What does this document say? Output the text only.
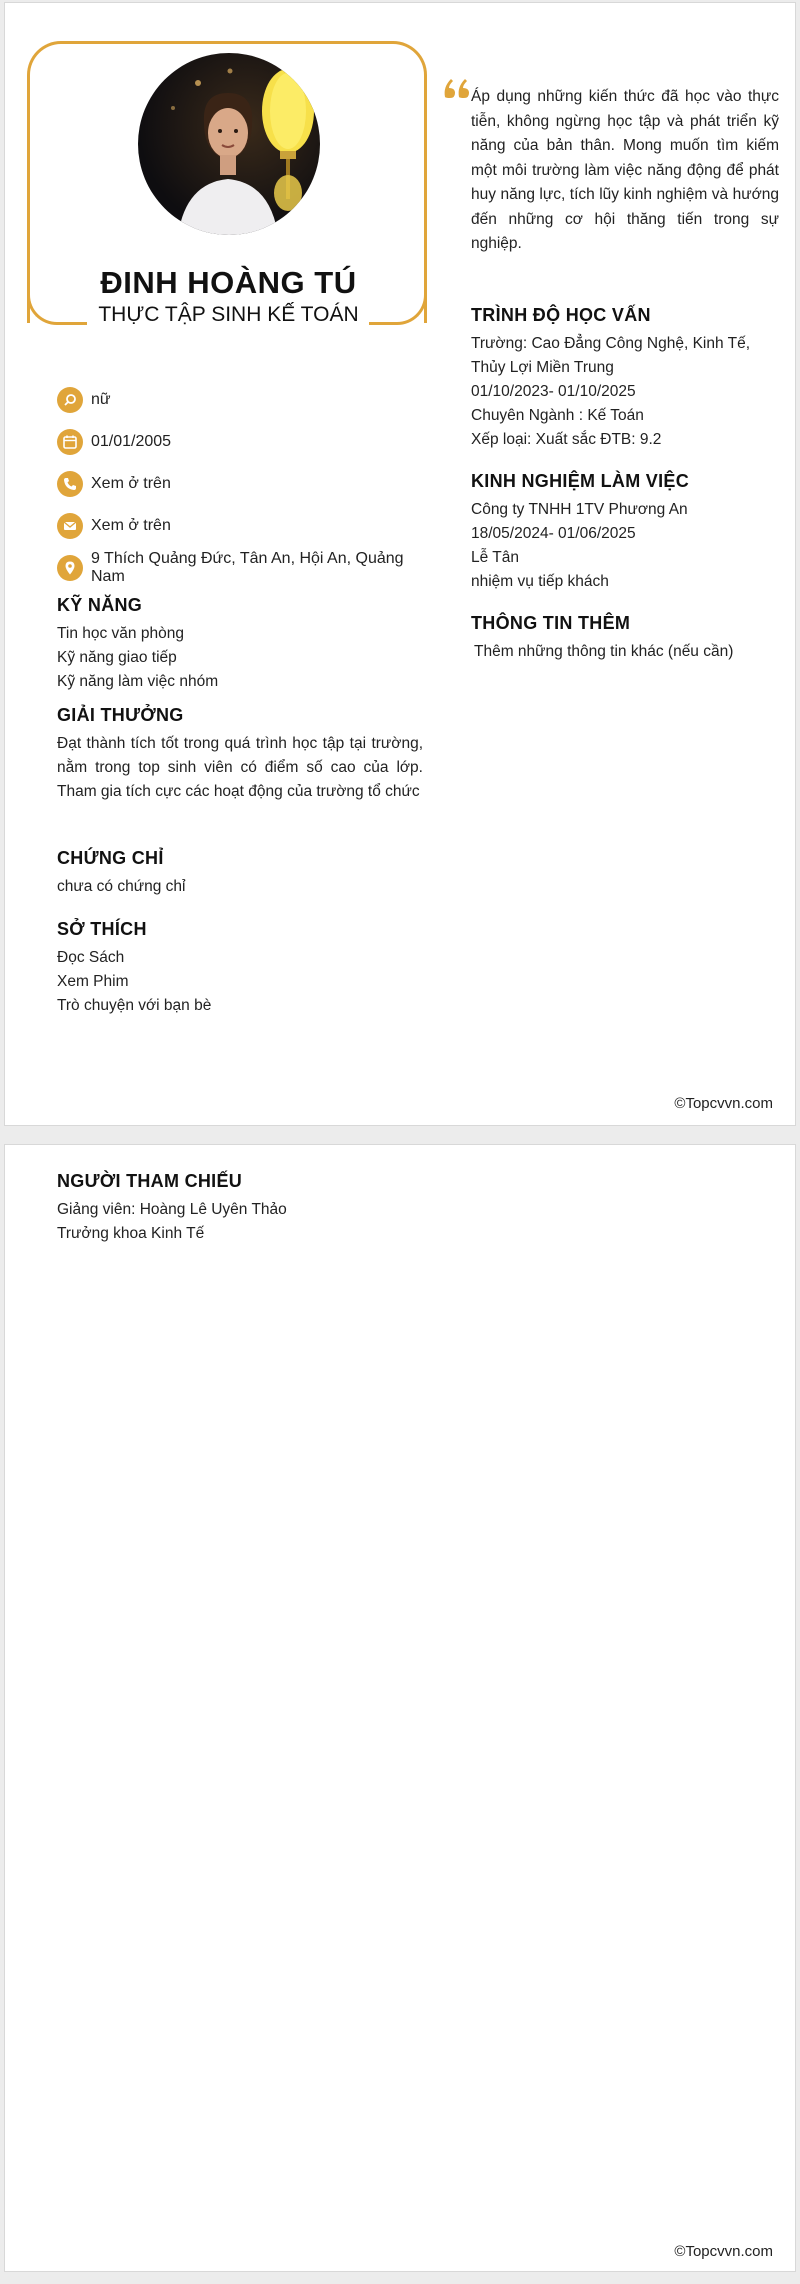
ĐINH HOÀNG TÚ
THỰC TẬP SINH KẾ TOÁN
nữ
01/01/2005
Xem ở trên
Xem ở trên
9 Thích Quảng Đức, Tân An, Hội An, Quảng Nam
KỸ NĂNG
Tin học văn phòng
Kỹ năng giao tiếp
Kỹ năng làm việc nhóm
GIẢI THƯỞNG
Đạt thành tích tốt trong quá trình học tập tại trường, nằm trong top sinh viên có điểm số cao của lớp. Tham gia tích cực các hoạt động của trường tổ chức
CHỨNG CHỈ
chưa có chứng chỉ
SỞ THÍCH
Đọc Sách
Xem Phim
Trò chuyện với bạn bè
Áp dụng những kiến thức đã học vào thực tiễn, không ngừng học tập và phát triển kỹ năng của bản thân. Mong muốn tìm kiếm một môi trường làm việc năng động để phát huy năng lực, tích lũy kinh nghiệm và hướng đến những cơ hội thăng tiến trong sự nghiệp.
TRÌNH ĐỘ HỌC VẤN
Trường: Cao Đẳng Công Nghệ, Kinh Tế,
Thủy Lợi Miền Trung
01/10/2023- 01/10/2025
Chuyên Ngành : Kế Toán
Xếp loại: Xuất sắc ĐTB: 9.2
KINH NGHIỆM LÀM VIỆC
Công ty TNHH 1TV Phương An
18/05/2024- 01/06/2025
Lễ Tân
nhiệm vụ tiếp khách
THÔNG TIN THÊM
Thêm những thông tin khác (nếu cần)
©Topcvvn.com
NGƯỜI THAM CHIẾU
Giảng viên: Hoàng Lê Uyên Thảo
Trưởng khoa Kinh Tế
©Topcvvn.com
